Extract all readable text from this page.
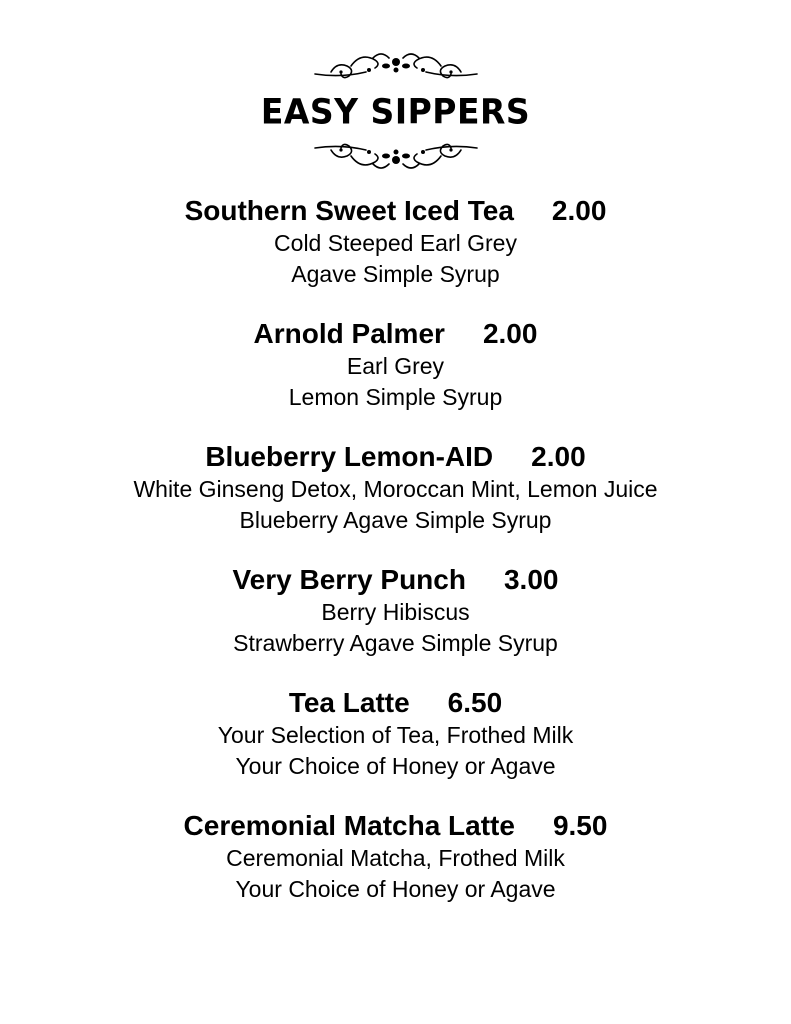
EASY SIPPERS
Southern Sweet Iced Tea 2.00
Cold Steeped Earl Grey
Agave Simple Syrup
Arnold Palmer 2.00
Earl Grey
Lemon Simple Syrup
Blueberry Lemon-AID 2.00
White Ginseng Detox, Moroccan Mint, Lemon Juice
Blueberry Agave Simple Syrup
Very Berry Punch 3.00
Berry Hibiscus
Strawberry Agave Simple Syrup
Tea Latte 6.50
Your Selection of Tea, Frothed Milk
Your Choice of Honey or Agave
Ceremonial Matcha Latte 9.50
Ceremonial Matcha, Frothed Milk
Your Choice of Honey or Agave
